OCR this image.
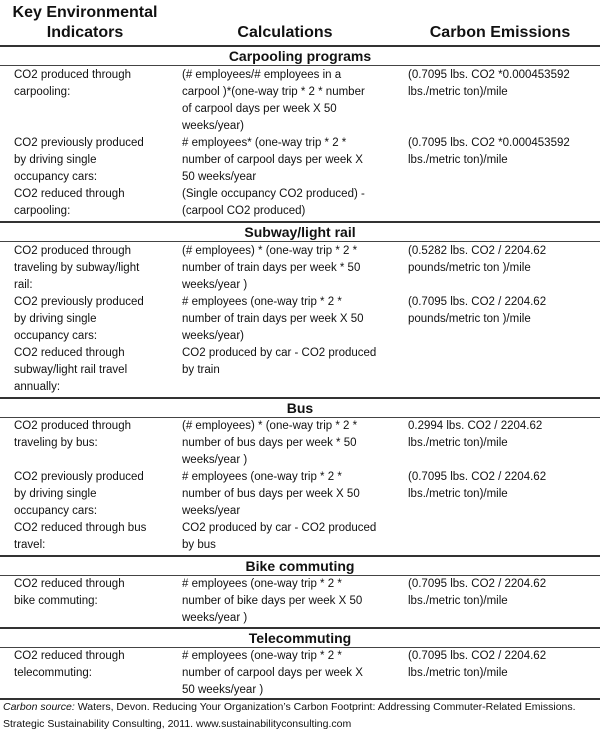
Key Environmental
Indicators	Calculations	Carbon Emissions
Carpooling programs
CO2 produced through
carpooling:
(# employees/# employees in a
carpool )*(one-way trip * 2 * number
of carpool days per week X 50
weeks/year)
(0.7095 lbs. CO2 *0.000453592
lbs./metric ton)/mile
CO2 previously produced
by driving single
occupancy cars:
# employees* (one-way trip * 2 *
number of carpool days per week X
50 weeks/year
(0.7095 lbs. CO2 *0.000453592
lbs./metric ton)/mile
CO2 reduced through
carpooling:
(Single occupancy CO2 produced) -
(carpool CO2 produced)
Subway/light rail
CO2 produced through
traveling by subway/light
rail:
(# employees) * (one-way trip * 2 *
number of train days per week * 50
weeks/year )
(0.5282 lbs. CO2 / 2204.62
pounds/metric ton )/mile
CO2 previously produced
by driving single
occupancy cars:
# employees (one-way trip * 2 *
number of train days per week X 50
weeks/year)
(0.7095 lbs. CO2 / 2204.62
pounds/metric ton )/mile
CO2 reduced through
subway/light rail travel
annually:
CO2 produced by car - CO2 produced
by train
Bus
CO2 produced through
traveling by bus:
(# employees) * (one-way trip * 2 *
number of bus days per week * 50
weeks/year )
0.2994 lbs. CO2 / 2204.62
lbs./metric ton)/mile
CO2 previously produced
by driving single
occupancy cars:
# employees (one-way trip * 2 *
number of bus days per week X 50
weeks/year
(0.7095 lbs. CO2 / 2204.62
lbs./metric ton)/mile
CO2 reduced through bus
travel:
CO2 produced by car - CO2 produced
by bus
Bike commuting
CO2 reduced through
bike commuting:
# employees (one-way trip * 2 *
number of bike days per week X 50
weeks/year )
(0.7095 lbs. CO2 / 2204.62
lbs./metric ton)/mile
Telecommuting
CO2 reduced through
telecommuting:
# employees (one-way trip * 2 *
number of carpool days per week X
50 weeks/year )
(0.7095 lbs. CO2 / 2204.62
lbs./metric ton)/mile
Carbon source: Waters, Devon. Reducing Your Organization’s Carbon Footprint: Addressing Commuter-Related Emissions. Strategic Sustainability Consulting, 2011. www.sustainabilityconsulting.com
